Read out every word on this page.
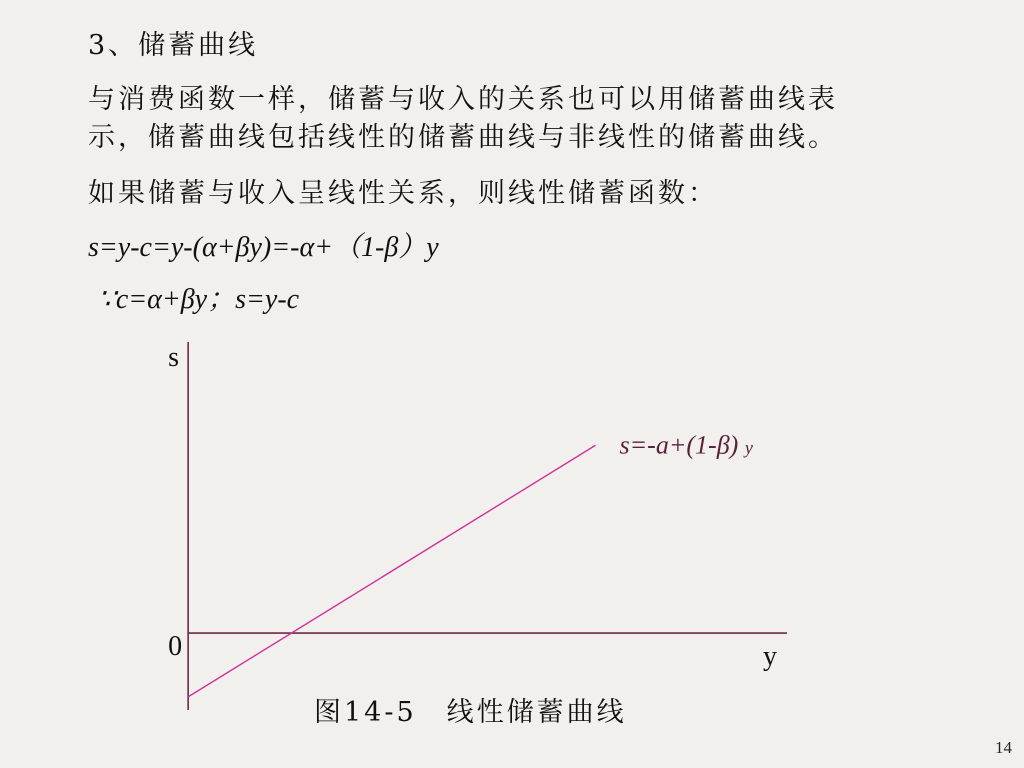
3、储蓄曲线
与消费函数一样，储蓄与收入的关系也可以用储蓄曲线表
示，储蓄曲线包括线性的储蓄曲线与非线性的储蓄曲线。
如果储蓄与收入呈线性关系，则线性储蓄函数：
s=y-c=y-(α+βy)=-α+（1-β）y
∵c=α+βy；s=y-c
s
y
0
s=-a+(1-β) y
图14-5　线性储蓄曲线
14
